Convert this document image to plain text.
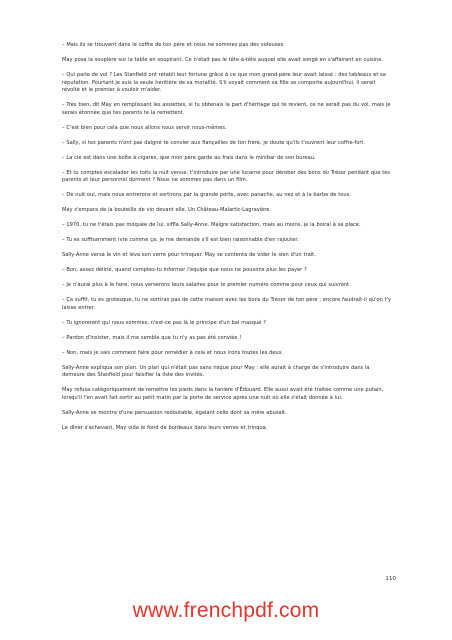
– Mais ils se trouvent dans le coffre de ton père et nous ne sommes pas des voleuses.

May posa la soupière sur la table en soupirant. Ce n'était pas le tête-à-tête auquel elle avait songé en s'affairant en cuisine.

– Qui parle de vol ? Les Stanfield ont rétabli leur fortune grâce à ce que mon grand-père leur avait laissé : des tableaux et sa réputation. Pourtant je suis la seule héritière de sa moralité. S'il voyait comment sa fille se comporte aujourd'hui, il serait révolté et le premier à vouloir m'aider.

– Très bien, dit May en remplissant les assiettes, si tu obtenais la part d'héritage qui te revient, ce ne serait pas du vol, mais je serais étonnée que tes parents te la remettent.

– C'est bien pour cela que nous allons nous servir nous-mêmes.

– Sally, si tes parents n'ont pas daigné te convier aux fiançailles de ton frère, je doute qu'ils t'ouvrent leur coffre-fort.

– La clé est dans une boîte à cigares, que mon père garde au frais dans le minibar de son bureau.

– Et tu comptes escalader les toits la nuit venue, t'introduire par une lucarne pour dérober des bons du Trésor pendant que tes parents et leur personnel dorment ? Nous ne sommes pas dans un film.

– De nuit oui, mais nous entrerons et sortirons par la grande porte, avec panache, au nez et à la barbe de tous.

May s'empara de la bouteille de vin devant elle. Un Château-Malartic-Lagravière.

– 1970, tu ne t'étais pas moquée de lui, siffla Sally-Anne. Maigre satisfaction, mais au moins, je la boirai à sa place.

– Tu es suffisamment ivre comme ça, je me demande s'il est bien raisonnable d'en rajouter.

Sally-Anne versa le vin et leva son verre pour trinquer. May se contenta de vider le sien d'un trait.

– Bon, assez délirié, quand comptes-tu informer l'équipe que nous ne pouvons plus les payer ?

– Je n'aurai plus à le faire, nous verserons leurs salaires pour le premier numéro comme pour ceux qui suivront.

– Ça suffit, tu es grotesque, tu ne sortiras pas de cette maison avec les bons du Trésor de ton père ; encore faudrait-il qu'on t'y laisse entrer.

– Tu ignorerent qui nous sommes, n'est-ce pas là le principe d'un bal masqué ?

– Pardon d'insister, mais il me semble que tu n'y as pas été conviée !

– Non, mais je sais comment faire pour remédier à cela et nous irons toutes les deux.

Sally-Anne expliqua son plan. Un plan qui n'était pas sans risque pour May : elle aurait à charge de s'introduire dans la demeure des Stanfield pour falsifier la liste des invités.

May refusa catégoriquement de remettre les pieds dans la tanière d'Édouard. Elle aussi avait été traitée comme une putain, lorsqu'il l'en avait fait sortir au petit matin par la porte de service après une nuit où elle s'était donnée à lui.

Sally-Anne se montra d'une persuasion redoutable, égalant celle dont sa mère abusait.

Le dîner s'achevant, May vida le fond de bordeaux dans leurs verres et trinqua.

110
www.frenchpdf.com
